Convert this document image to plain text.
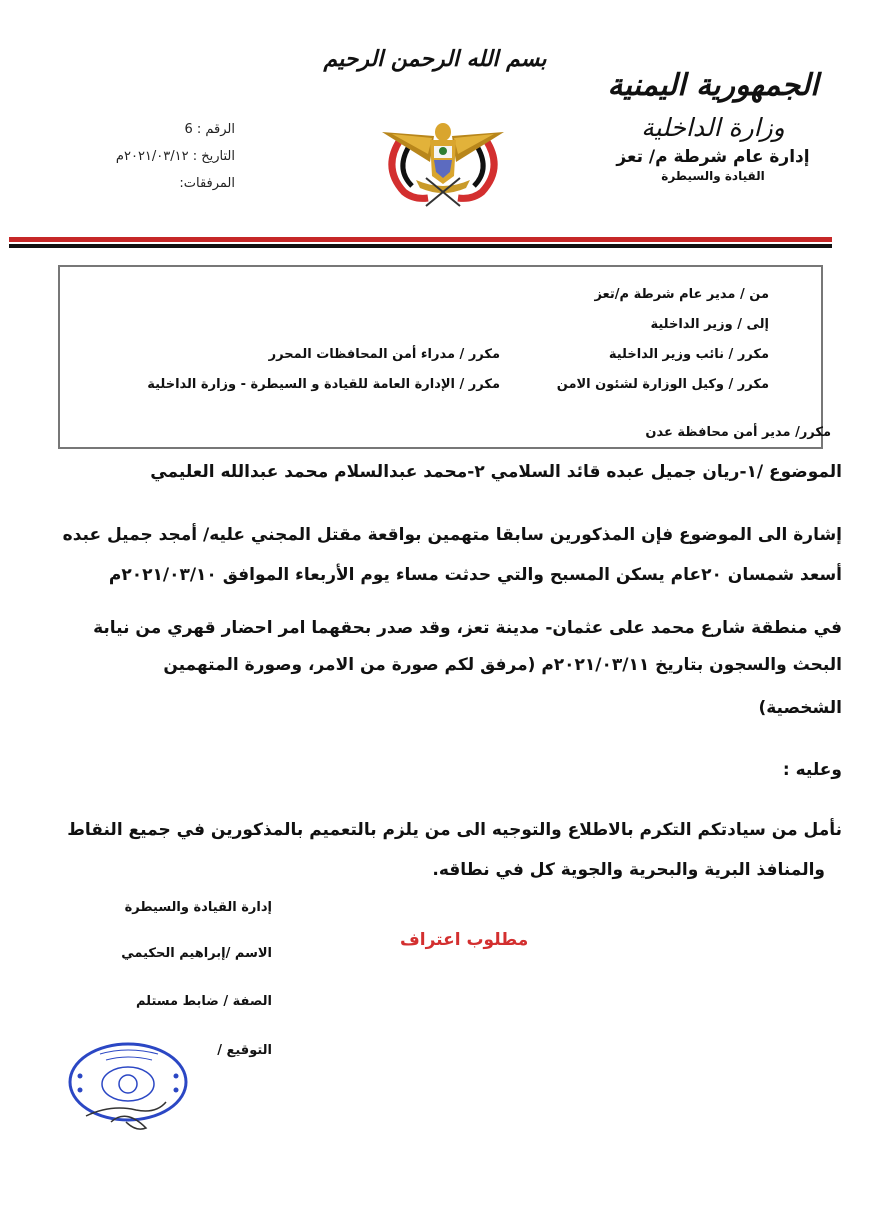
الجمهورية اليمنية
وزارة الداخلية
إدارة عام شرطة م/ تعز
القيادة والسيطرة
بسم الله الرحمن الرحيم
الرقم : 6
التاريخ : ٢٠٢١/٠٣/١٢م
المرفقات:
من / مدير عام شرطة م/تعز
إلى / وزير الداخلية
مكرر / نائب وزير الداخلية
مكرر / مدراء أمن المحافظات المحرر
مكرر / وكيل الوزارة لشئون الامن
مكرر / الإدارة العامة للقيادة و السيطرة - وزارة الداخلية
مكرر/ مدير أمن محافظة عدن
الموضوع /١-ريان جميل عبده قائد السلامي ٢-محمد عبدالسلام محمد عبدالله العليمي
إشارة الى الموضوع فإن المذكورين سابقا متهمين بواقعة مقتل المجني عليه/ أمجد جميل عبده
أسعد شمسان ٢٠عام يسكن المسبح والتي حدثت مساء يوم الأربعاء الموافق ٢٠٢١/٠٣/١٠م
في منطقة شارع محمد على عثمان- مدينة تعز، وقد صدر بحقهما امر احضار قهري من نيابة
البحث والسجون بتاريخ ٢٠٢١/٠٣/١١م (مرفق لكم صورة من الامر، وصورة المتهمين
الشخصية)
وعليه :
نأمل من سيادتكم التكرم بالاطلاع والتوجيه الى من يلزم بالتعميم بالمذكورين في جميع النقاط
والمنافذ البرية والبحرية والجوية كل في نطاقه.
إدارة القيادة والسيطرة
الاسم /إبراهيم الحكيمي
الصفة / ضابط مستلم
التوقيع /
مطلوب اعتراف
